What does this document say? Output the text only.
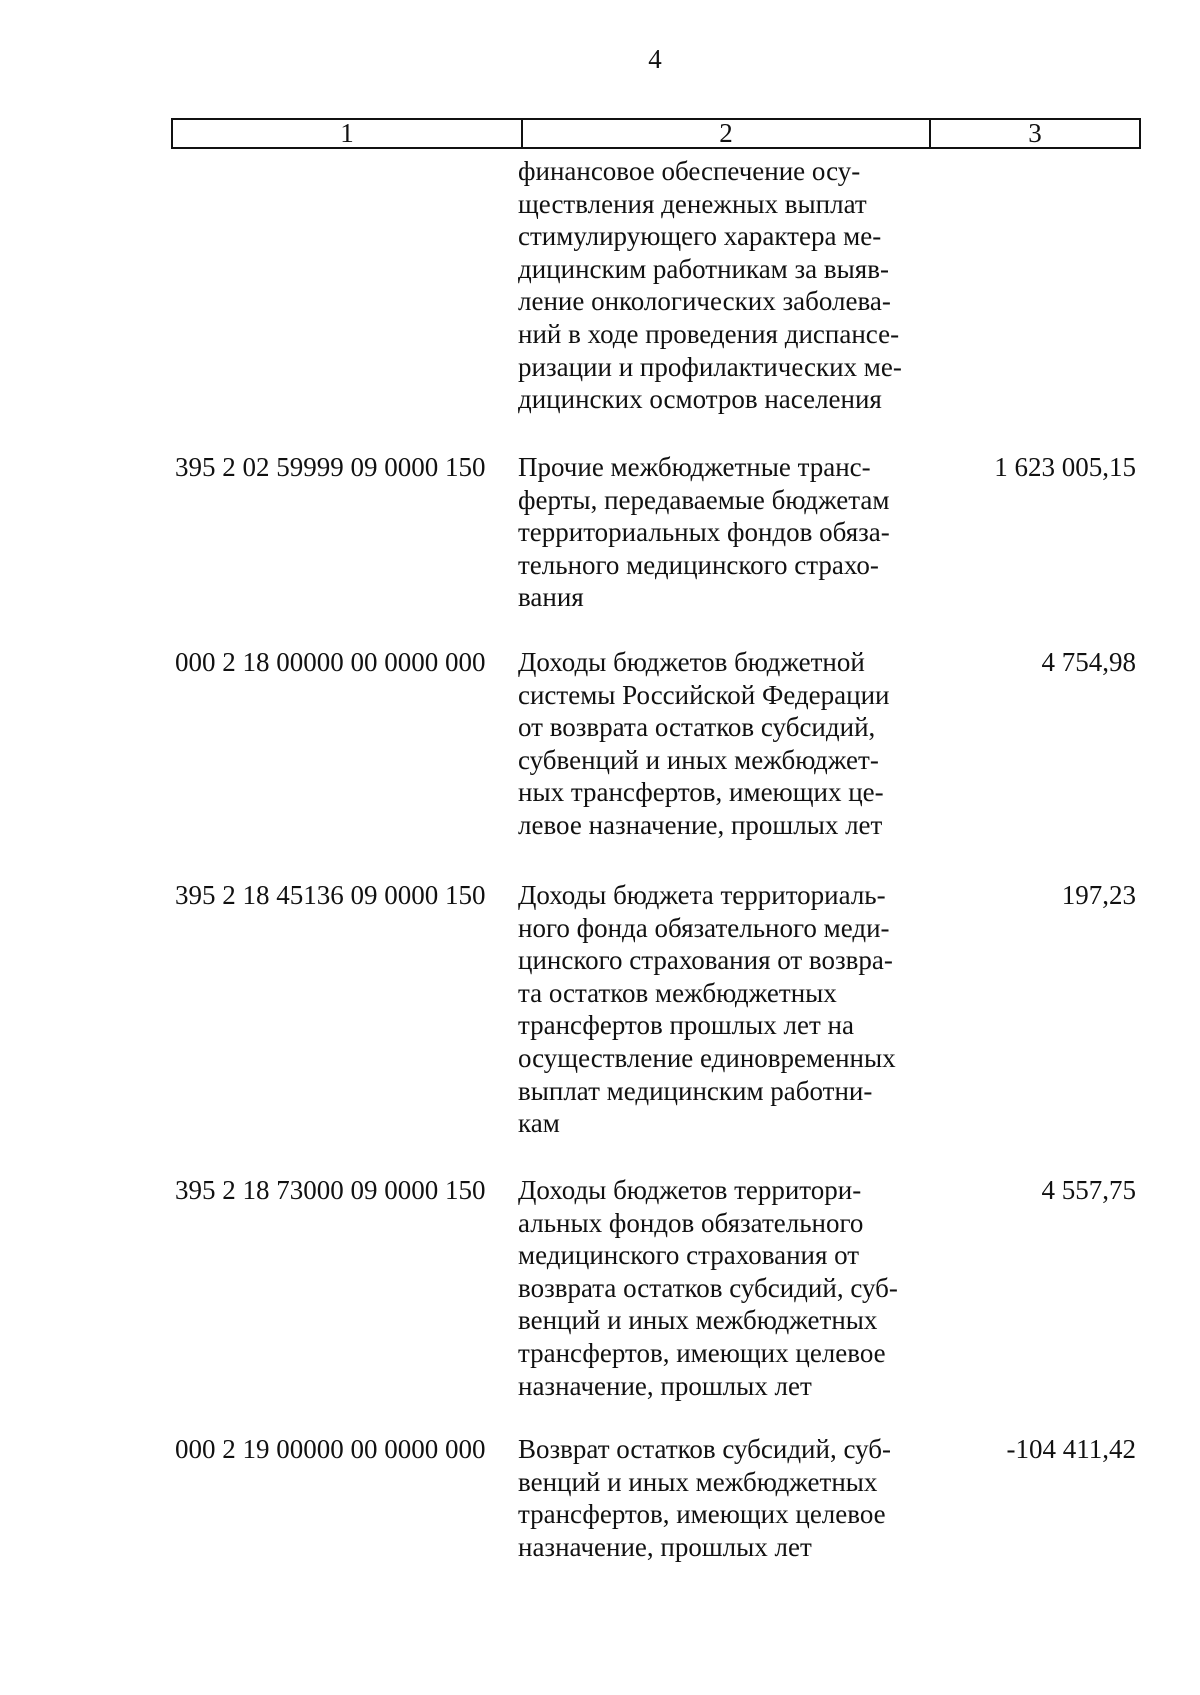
4
1	2	3
финансовое обеспечение осу-
ществления денежных выплат
стимулирующего характера ме-
дицинским работникам за выяв-
ление онкологических заболева-
ний в ходе проведения диспансе-
ризации и профилактических ме-
дицинских осмотров населения
395 2 02 59999 09 0000 150	Прочие межбюджетные транс-
ферты, передаваемые бюджетам
территориальных фондов обяза-
тельного медицинского страхо-
вания
1 623 005,15
000 2 18 00000 00 0000 000	Доходы бюджетов бюджетной
системы Российской Федерации
от возврата остатков субсидий,
субвенций и иных межбюджет-
ных трансфертов, имеющих це-
левое назначение, прошлых лет
4 754,98
395 2 18 45136 09 0000 150	Доходы бюджета территориаль-
ного фонда обязательного меди-
цинского страхования от возвра-
та остатков межбюджетных
трансфертов прошлых лет на
осуществление единовременных
выплат медицинским работни-
кам
197,23
395 2 18 73000 09 0000 150	Доходы бюджетов территори-
альных фондов обязательного
медицинского страхования от
возврата остатков субсидий, суб-
венций и иных межбюджетных
трансфертов, имеющих целевое
назначение, прошлых лет
4 557,75
000 2 19 00000 00 0000 000	Возврат остатков субсидий, суб-
венций и иных межбюджетных
трансфертов, имеющих целевое
назначение, прошлых лет
-104 411,42
